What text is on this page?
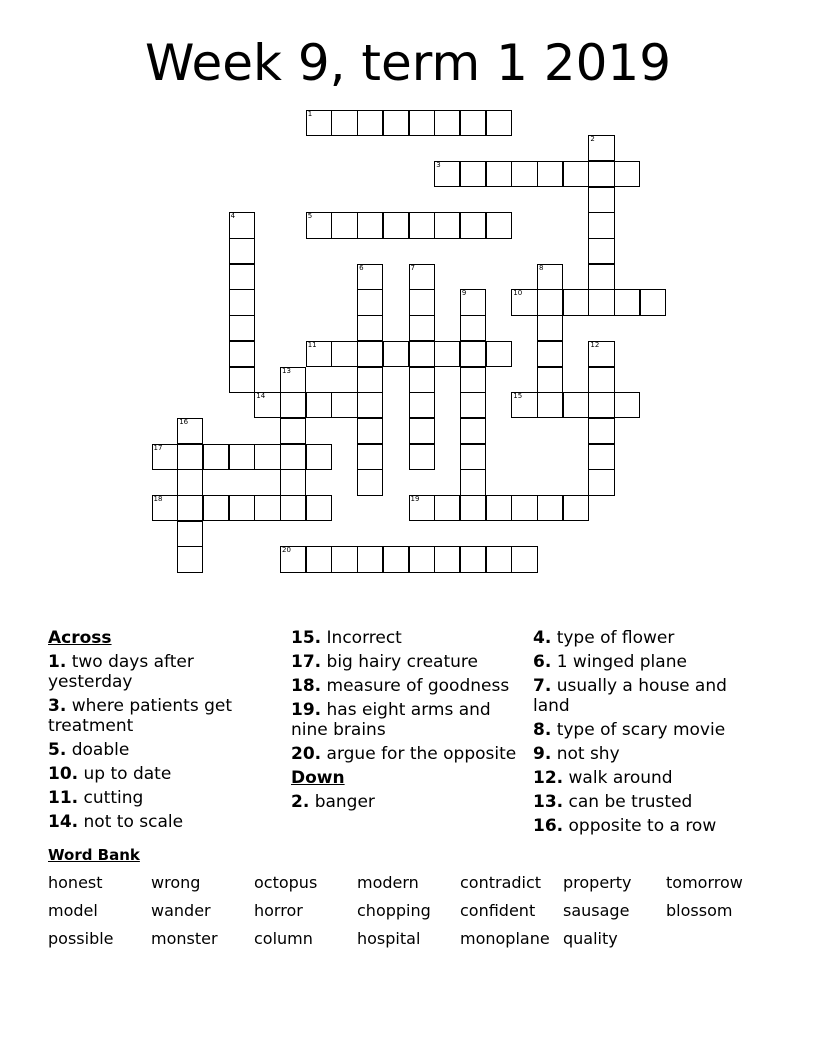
Week 9, term 1 2019
1
2
3
4	5
6	7	8
9	10
11	12
13
14	15
16
17
18	19
20
Across
1. two days after yesterday
3. where patients get treatment
5. doable
10. up to date
11. cutting
14. not to scale
15. Incorrect
17. big hairy creature
18. measure of goodness
19. has eight arms and nine brains
20. argue for the opposite
Down
2. banger
4. type of flower
6. 1 winged plane
7. usually a house and land
8. type of scary movie
9. not shy
12. walk around
13. can be trusted
16. opposite to a row
Word Bank
honest	wrong	octopus modern	contradict property tomorrow
model	wander	horror	chopping confident sausage blossom
possible monster column	hospital monoplane quality
